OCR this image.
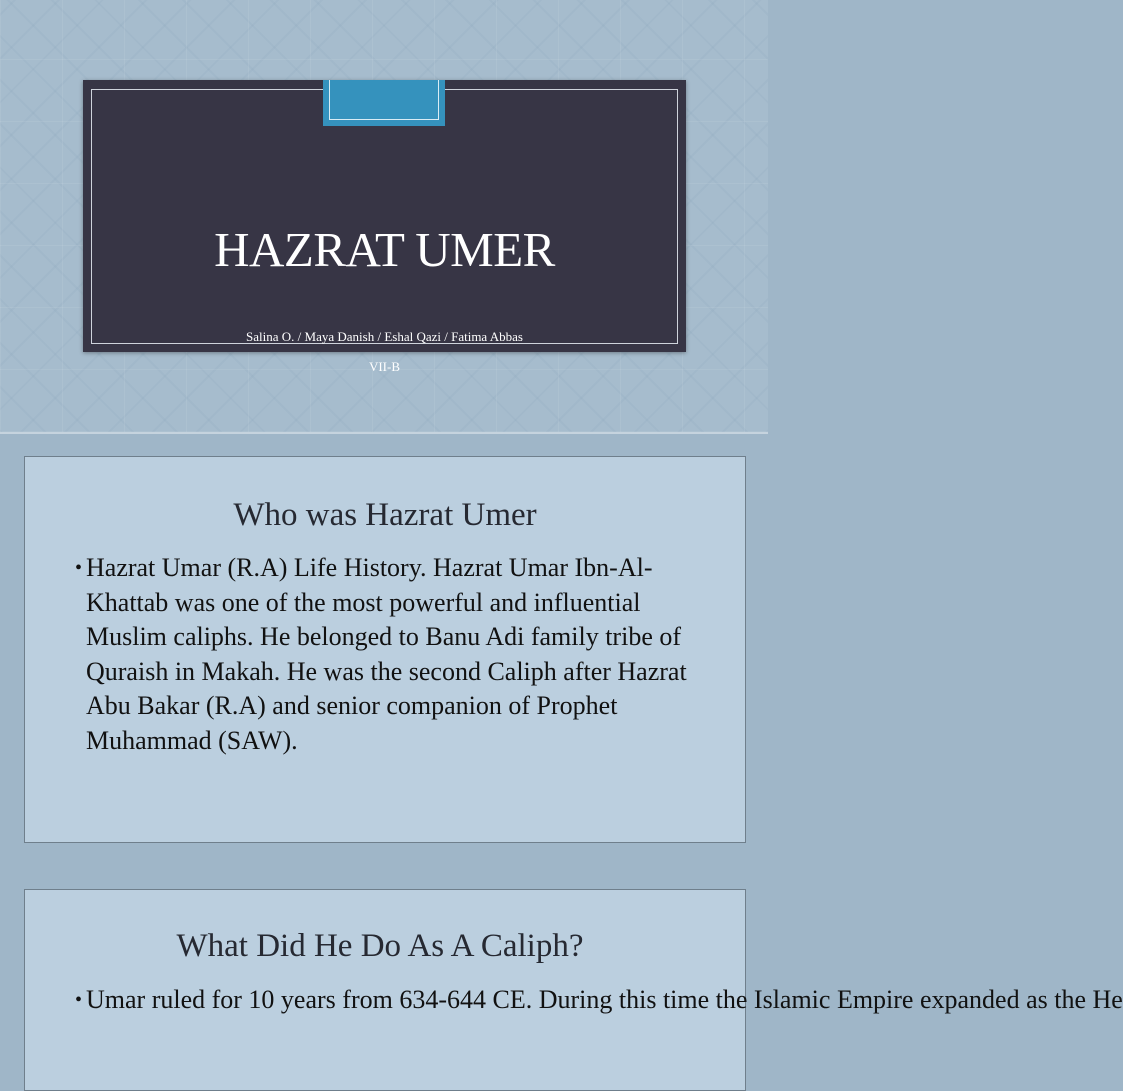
HAZRAT UMER
Salina O. / Maya Danish / Eshal Qazi / Fatima Abbas
VII-B
Who was Hazrat Umer
• Hazrat Umar (R.A) Life History. Hazrat Umar Ibn-Al-Khattab was one of the most powerful and influential Muslim caliphs. He belonged to Banu Adi family tribe of Quraish in Makah. He was the second Caliph after Hazrat Abu Bakar (R.A) and senior companion of Prophet Muhammad (SAW).
What Did He Do As A Caliph?
• Umar ruled for 10 years from 634-644 CE. During this time the Islamic Empire expanded as the He
